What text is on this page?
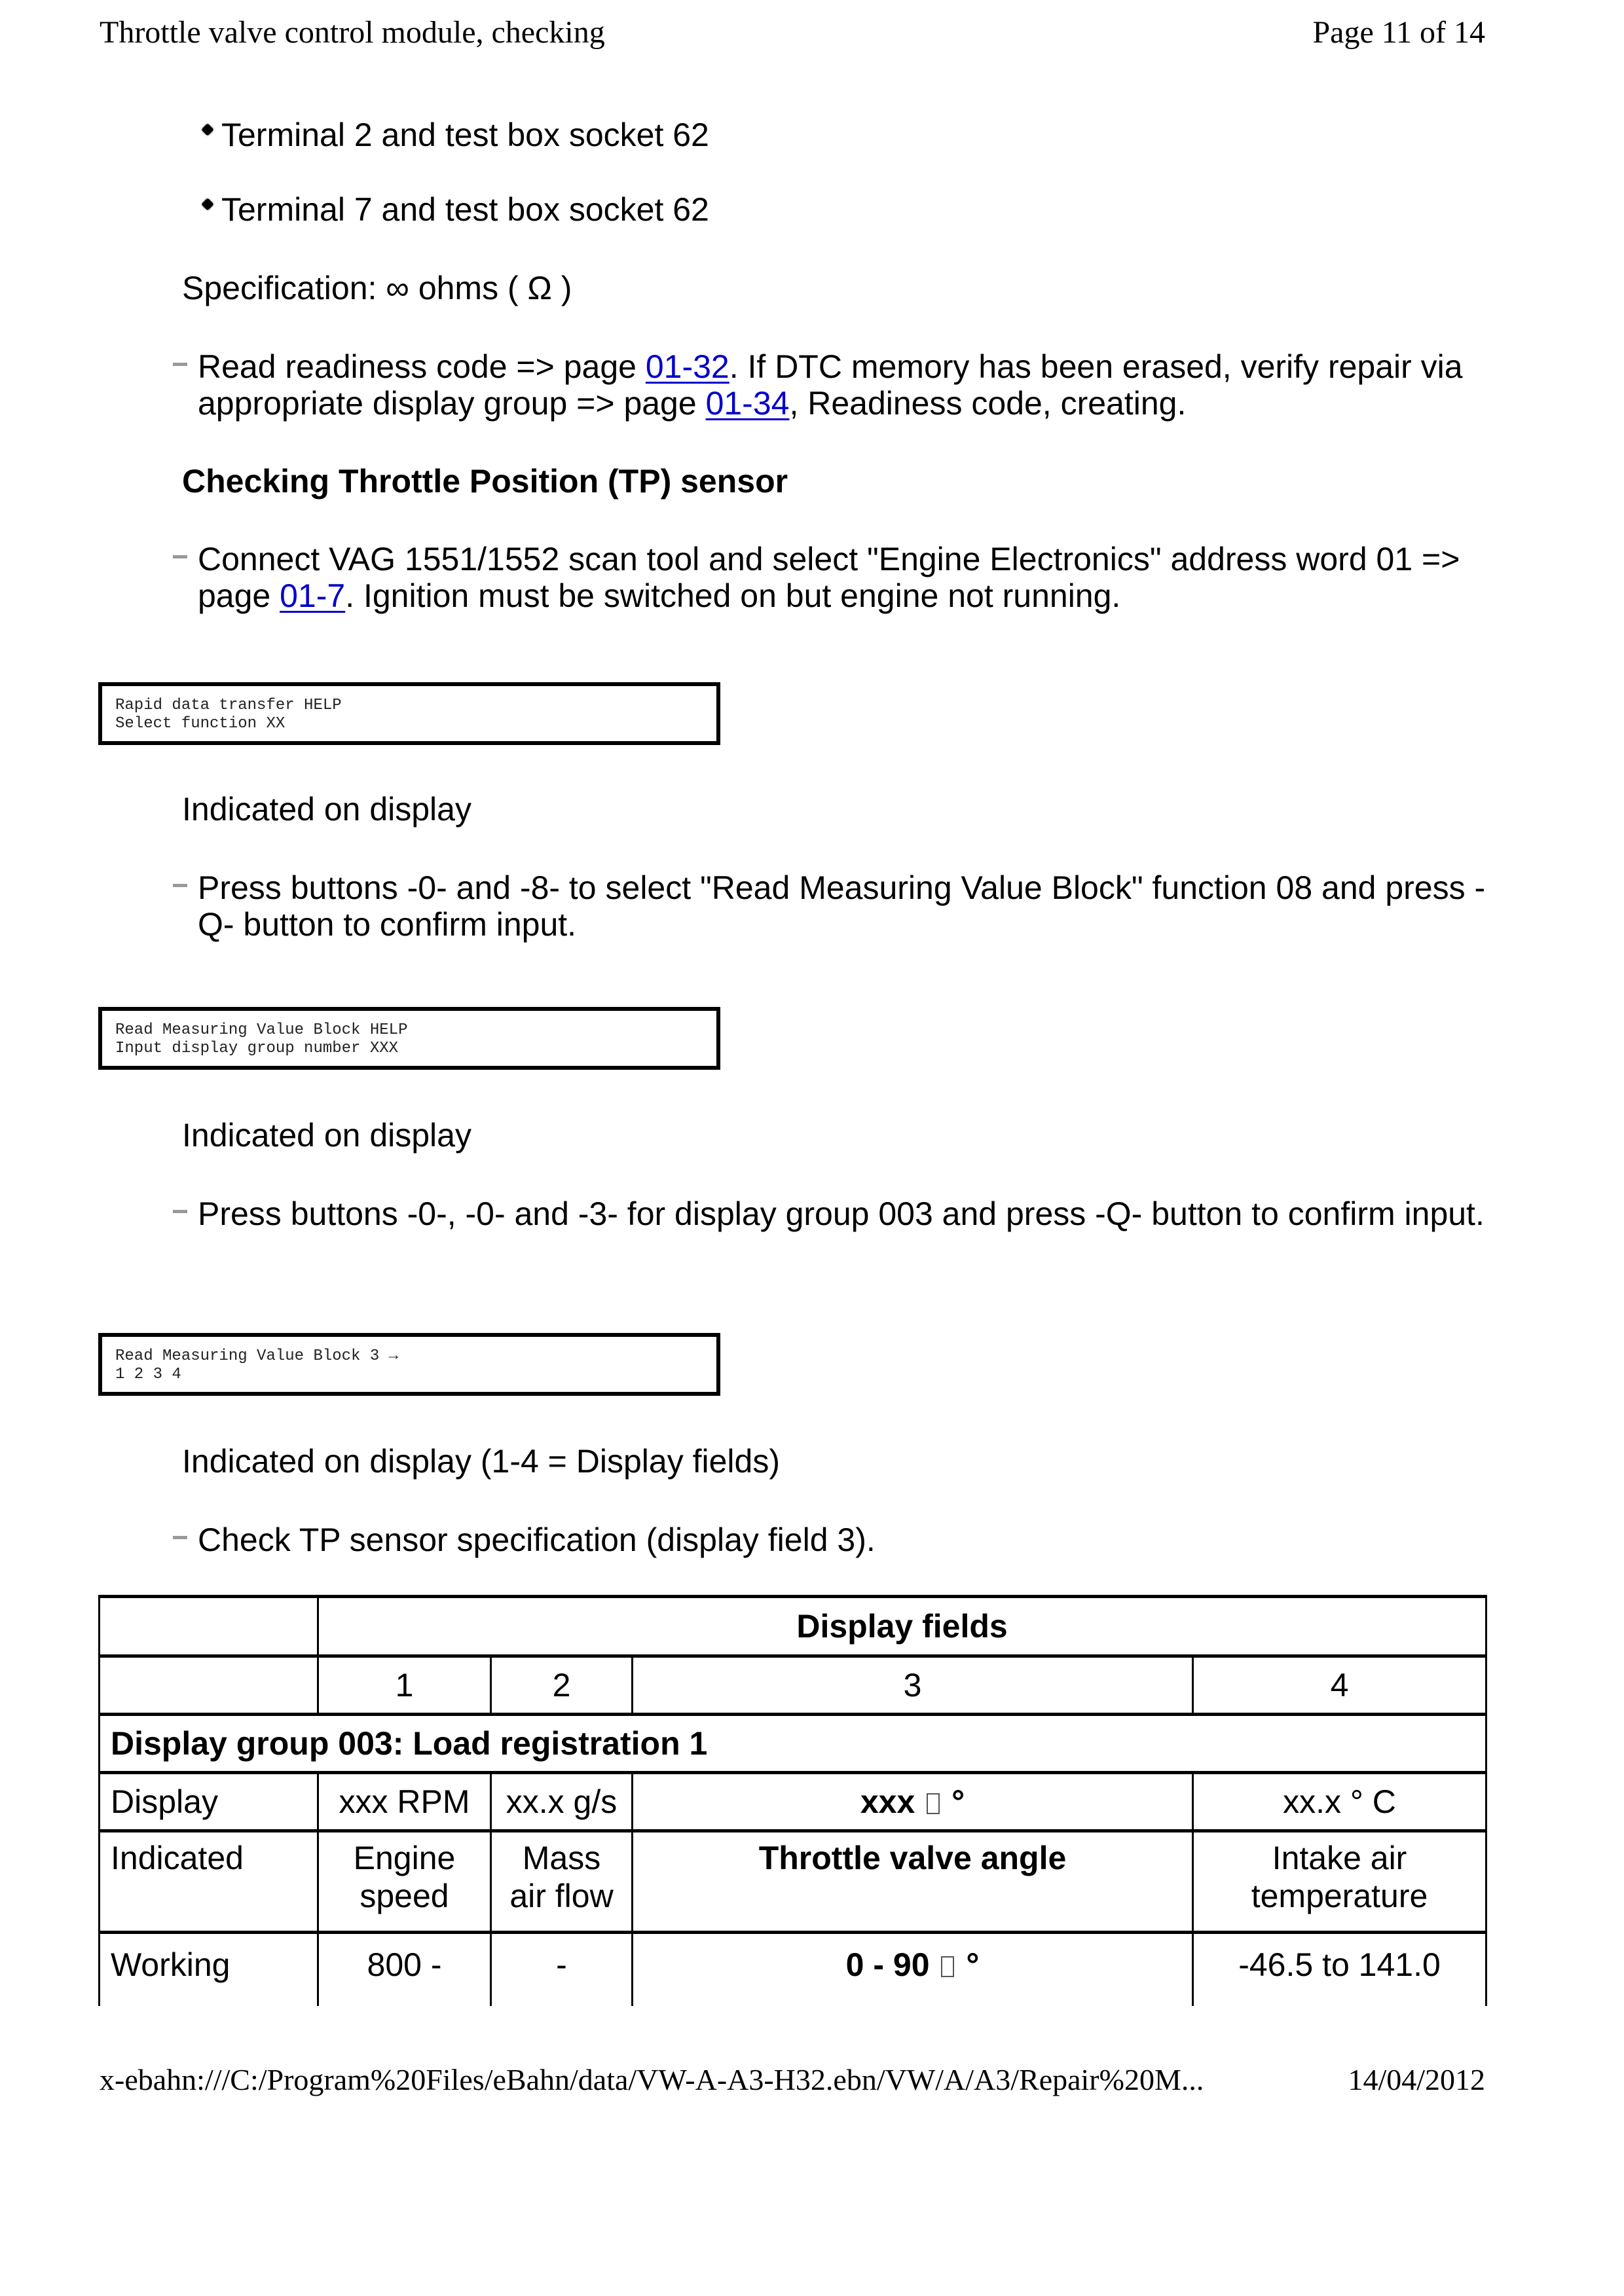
Throttle valve control module, checking	Page 11 of 14
Terminal 2 and test box socket 62
Terminal 7 and test box socket 62
Specification: ∞ ohms ( Ω )
Read readiness code => page 01-32. If DTC memory has been erased, verify repair via appropriate display group => page 01-34, Readiness code, creating.
Checking Throttle Position (TP) sensor
Connect VAG 1551/1552 scan tool and select "Engine Electronics" address word 01 => page 01-7. Ignition must be switched on but engine not running.
Rapid data transfer HELP
Select function XX
Indicated on display
Press buttons -0- and -8- to select "Read Measuring Value Block" function 08 and press -Q- button to confirm input.
Read Measuring Value Block HELP
Input display group number XXX
Indicated on display
Press buttons -0-, -0- and -3- for display group 003 and press -Q- button to confirm input.
Read Measuring Value Block 3 →
1 2 3 4
Indicated on display (1-4 = Display fields)
Check TP sensor specification (display field 3).
	Display fields			
	1	2	3	4
Display group 003: Load registration 1				
Display	xxx RPM	xx.x g/s	xxx °	xx.x ° C
Indicated	Engine speed	Mass air flow	Throttle valve angle	Intake air temperature
Working	800 -	-	0 - 90 °	-46.5 to 141.0
x-ebahn:///C:/Program%20Files/eBahn/data/VW-A-A3-H32.ebn/VW/A/A3/Repair%20M...	14/04/2012
